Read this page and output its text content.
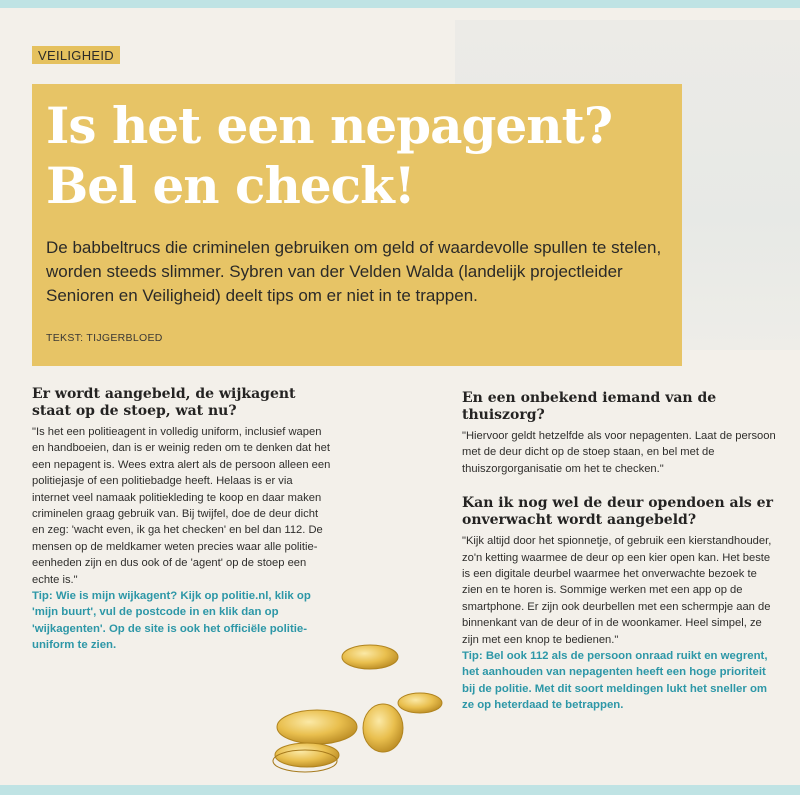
VEILIGHEID
Is het een nepagent?
Bel en check!
De babbeltrucs die criminelen gebruiken om geld of waardevolle spullen te stelen, worden steeds slimmer. Sybren van der Velden Walda (landelijk projectleider Senioren en Veiligheid) deelt tips om er niet in te trappen.
TEKST: TIJGERBLOED
Er wordt aangebeld, de wijkagent staat op de stoep, wat nu?

"Is het een politieagent in volledig uniform, inclusief wapen en handboeien, dan is er weinig reden om te denken dat het een nepagent is. Wees extra alert als de persoon alleen een politiejasje of een politiebadge heeft. Helaas is er via internet veel namaak politiekleding te koop en daar maken criminelen graag gebruik van. Bij twijfel, doe de deur dicht en zeg: 'wacht even, ik ga het checken' en bel dan 112. De mensen op de meldkamer weten precies waar alle politie-eenheden zijn en dus ook of de 'agent' op de stoep een echte is."

Tip: Wie is mijn wijkagent? Kijk op politie.nl, klik op 'mijn buurt', vul de postcode in en klik dan op 'wijkagenten'. Op de site is ook het officiële politie-uniform te zien.

En een onbekend iemand van de thuiszorg?

"Hiervoor geldt hetzelfde als voor nepagenten. Laat de persoon met de deur dicht op de stoep staan, en bel met de thuiszorgorganisatie om het te checken."

Kan ik nog wel de deur opendoen als er onverwacht wordt aangebeld?

"Kijk altijd door het spionnetje, of gebruik een kierstandhouder, zo'n ketting waarmee de deur op een kier open kan. Het beste is een digitale deurbel waarmee het onverwachte bezoek te zien en te horen is. Sommige werken met een app op de smartphone. Er zijn ook deurbellen met een schermpje aan de binnenkant van de deur of in de woonkamer. Heel simpel, ze zijn met een knop te bedienen."

Tip: Bel ook 112 als de persoon onraad ruikt en wegrent, het aanhouden van nepagenten heeft een hoge prioriteit bij de politie. Met dit soort meldingen lukt het sneller om ze op heterdaad te betrappen.
